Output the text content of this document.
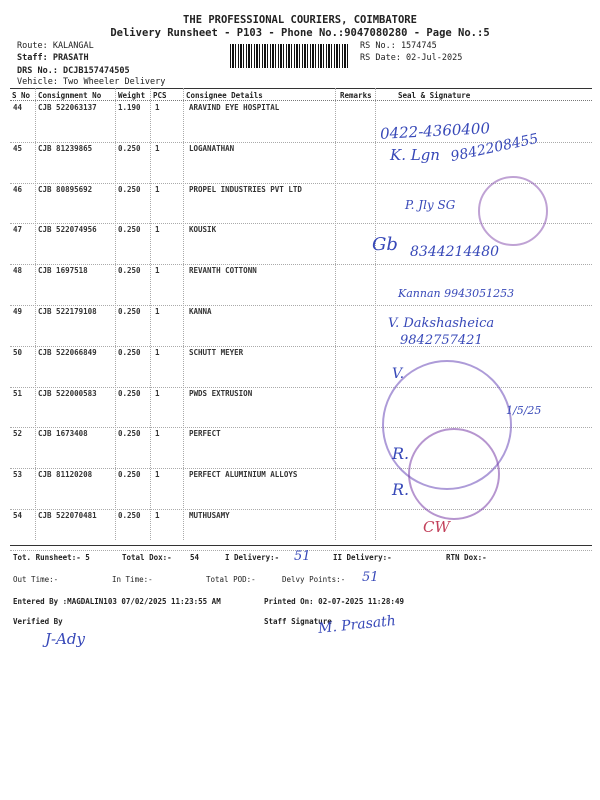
THE PROFESSIONAL COURIERS, COIMBATORE
Delivery Runsheet - P103 - Phone No.:9047080280 - Page No.:5
Route: KALANGAL
Staff: PRASATH
DRS No.: DCJB157474505
Vehicle: Two Wheeler Delivery
RS No.: 1574745
RS Date: 02-Jul-2025
S No Consignment No Weight PCS	Consignee Details	Remarks	Seal & Signature
44 CJB 522063137	1.190 1	ARAVIND EYE HOSPITAL
45 CJB 81239865	0.250 1	LOGANATHAN
46 CJB 80895692	0.250 1	PROPEL INDUSTRIES PVT LTD
47 CJB 522074956	0.250 1	KOUSIK
48 CJB 1697518	0.250 1	REVANTH COTTONN
49 CJB 522179108	0.250 1	KANNA
50 CJB 522066849	0.250 1	SCHUTT MEYER
51 CJB 522000583	0.250 1	PWDS EXTRUSION
52 CJB 1673408	0.250 1	PERFECT
53 CJB 81120208	0.250 1	PERFECT ALUMINIUM ALLOYS
54 CJB 522070481	0.250 1	MUTHUSAMY
0422-4360400
K. Lgn 9842208455
P. Jly SG
Gb 8344214480
Kannan 9943051253
V. Dakshasheica
9842757421
V.
1/5/25
R.
R.
CW
Tot. Runsheet:- 5	Total Dox:- 54	I Delivery:- 51	II Delivery:-	RTN Dox:-
Out Time:-	In Time:-	Total POD:-	Delvy Points:- 51
Entered By :MAGDALIN103 07/02/2025 11:23:55 AM	Printed On: 02-07-2025 11:28:49
Verified By
J-Ady
Staff Signature
M. Prasath
